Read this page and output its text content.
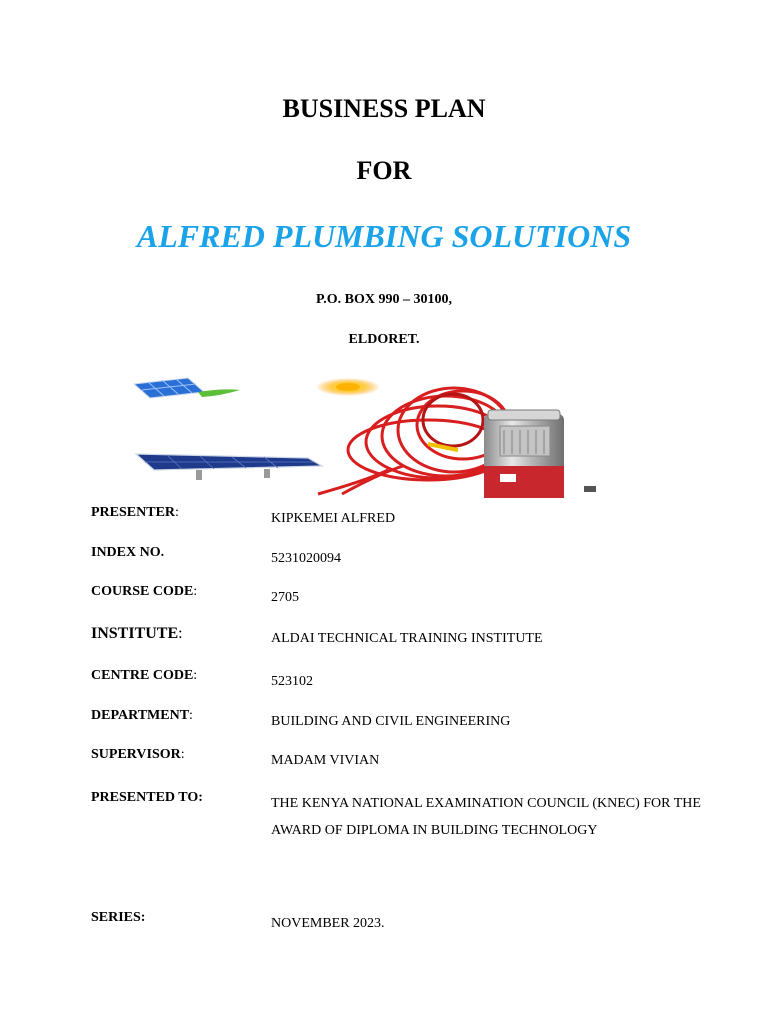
BUSINESS PLAN
FOR
ALFRED PLUMBING SOLUTIONS
P.O. BOX 990 – 30100,
ELDORET.
PRESENTER:	KIPKEMEI ALFRED
INDEX NO.	5231020094
COURSE CODE:	2705
INSTITUTE:	ALDAI TECHNICAL TRAINING INSTITUTE
CENTRE CODE:	523102
DEPARTMENT:	BUILDING AND CIVIL ENGINEERING
SUPERVISOR:	MADAM VIVIAN
PRESENTED TO:	THE KENYA NATIONAL EXAMINATION COUNCIL (KNEC) FOR THE AWARD OF DIPLOMA IN BUILDING TECHNOLOGY
SERIES:	NOVEMBER 2023.
